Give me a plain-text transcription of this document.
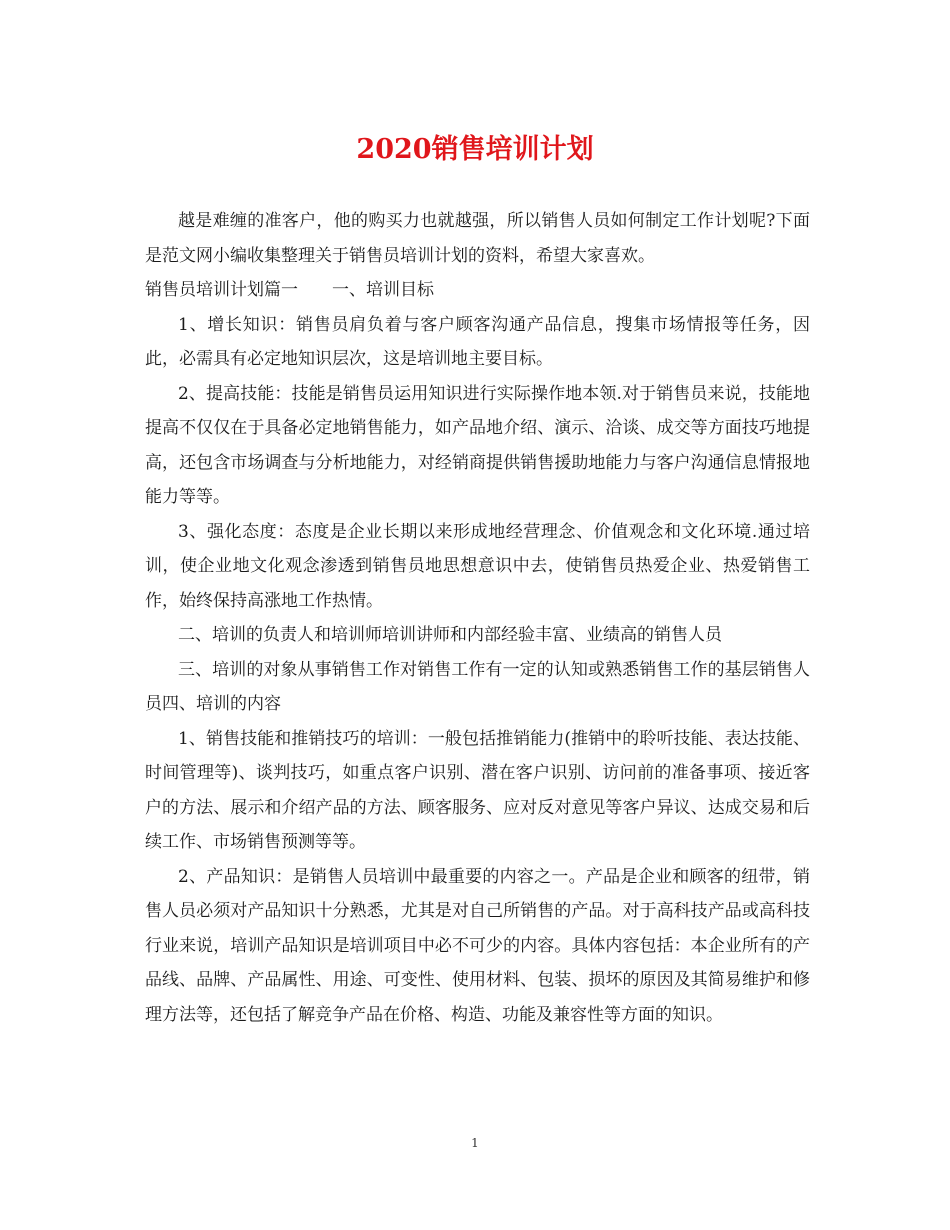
2020销售培训计划

越是难缠的准客户，他的购买力也就越强，所以销售人员如何制定工作计划呢?下面是范文网小编收集整理关于销售员培训计划的资料，希望大家喜欢。

销售员培训计划篇一　　一、培训目标

1、增长知识：销售员肩负着与客户顾客沟通产品信息，搜集市场情报等任务，因此，必需具有必定地知识层次，这是培训地主要目标。

2、提高技能：技能是销售员运用知识进行实际操作地本领.对于销售员来说，技能地提高不仅仅在于具备必定地销售能力，如产品地介绍、演示、洽谈、成交等方面技巧地提高，还包含市场调查与分析地能力，对经销商提供销售援助地能力与客户沟通信息情报地能力等等。

3、强化态度：态度是企业长期以来形成地经营理念、价值观念和文化环境.通过培训，使企业地文化观念渗透到销售员地思想意识中去，使销售员热爱企业、热爱销售工作，始终保持高涨地工作热情。

二、培训的负责人和培训师培训讲师和内部经验丰富、业绩高的销售人员

三、培训的对象从事销售工作对销售工作有一定的认知或熟悉销售工作的基层销售人员四、培训的内容

1、销售技能和推销技巧的培训：一般包括推销能力(推销中的聆听技能、表达技能、时间管理等)、谈判技巧，如重点客户识别、潜在客户识别、访问前的准备事项、接近客户的方法、展示和介绍产品的方法、顾客服务、应对反对意见等客户异议、达成交易和后续工作、市场销售预测等等。

2、产品知识：是销售人员培训中最重要的内容之一。产品是企业和顾客的纽带，销售人员必须对产品知识十分熟悉，尤其是对自己所销售的产品。对于高科技产品或高科技行业来说，培训产品知识是培训项目中必不可少的内容。具体内容包括：本企业所有的产品线、品牌、产品属性、用途、可变性、使用材料、包装、损坏的原因及其简易维护和修理方法等，还包括了解竞争产品在价格、构造、功能及兼容性等方面的知识。

1
